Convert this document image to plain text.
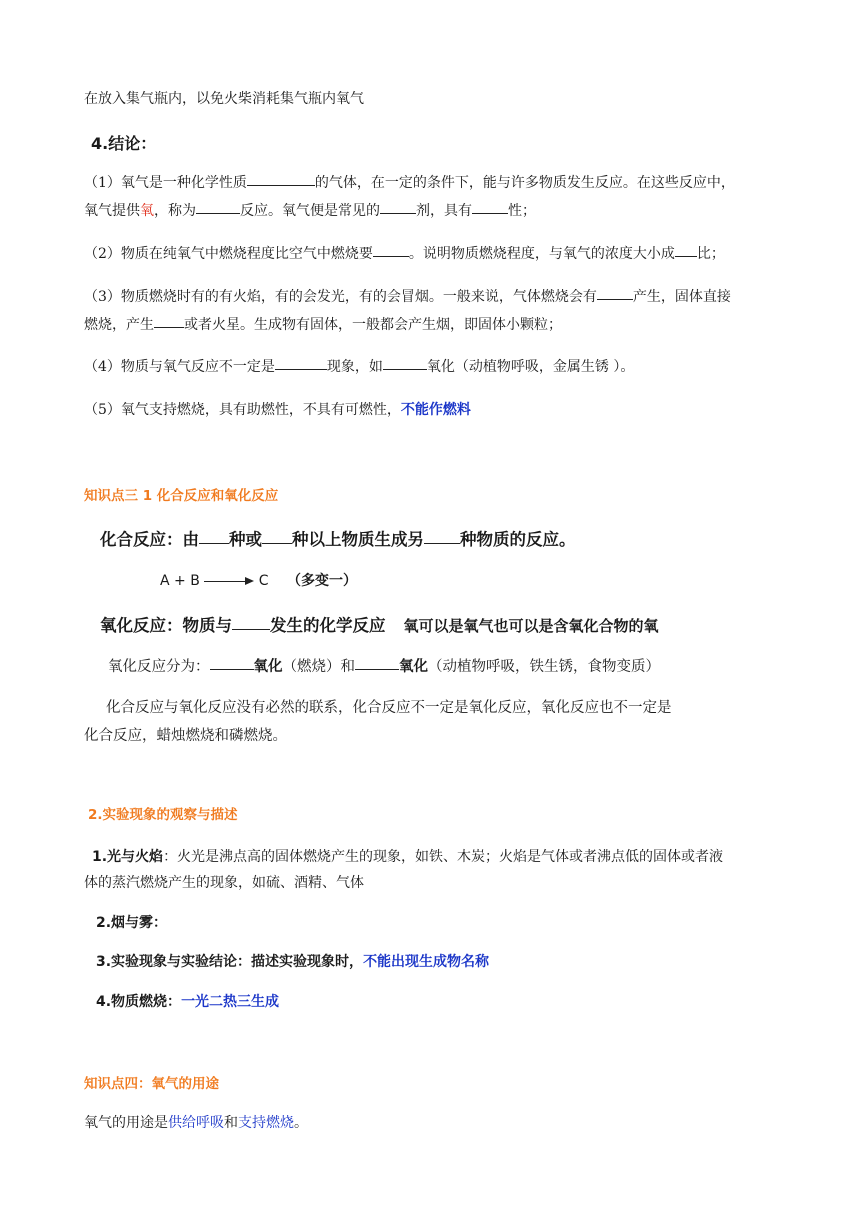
在放入集气瓶内，以免火柴消耗集气瓶内氧气
4.结论：
（1）氧气是一种化学性质	的气体，在一定的条件下，能与许多物质发生反应。在这些反应中，
氧气提供氧，称为	反应。氧气便是常见的	剂，具有	性；
（2）物质在纯氧气中燃烧程度比空气中燃烧要	。说明物质燃烧程度，与氧气的浓度大小成 比；
（3）物质燃烧时有的有火焰，有的会发光，有的会冒烟。一般来说，气体燃烧会有	产生，固体直接
燃烧，产生 或者火星。生成物有固体，一般都会产生烟，即固体小颗粒；
（4）物质与氧气反应不一定是	现象，如	氧化（动植物呼吸，金属生锈 ）。
（5）氧气支持燃烧，具有助燃性，不具有可燃性，不能作燃料
知识点三 1 化合反应和氧化反应
化合反应：由 种或 种以上物质生成另 种物质的反应。
A + B	C （多变一）
氧化反应：物质与 发生的化学反应 氧可以是氧气也可以是含氧化合物的氧
氧化反应分为：	氧化（燃烧）和	氧化（动植物呼吸，铁生锈，食物变质）
化合反应与氧化反应没有必然的联系，化合反应不一定是氧化反应，氧化反应也不一定是
化合反应，蜡烛燃烧和磷燃烧。
2.实验现象的观察与描述
1.光与火焰：火光是沸点高的固体燃烧产生的现象，如铁、木炭；火焰是气体或者沸点低的固体或者液
体的蒸汽燃烧产生的现象，如硫、酒精、气体
2.烟与雾：
3.实验现象与实验结论：描述实验现象时，不能出现生成物名称
4.物质燃烧：一光二热三生成
知识点四：氧气的用途
氧气的用途是供给呼吸和支持燃烧。
